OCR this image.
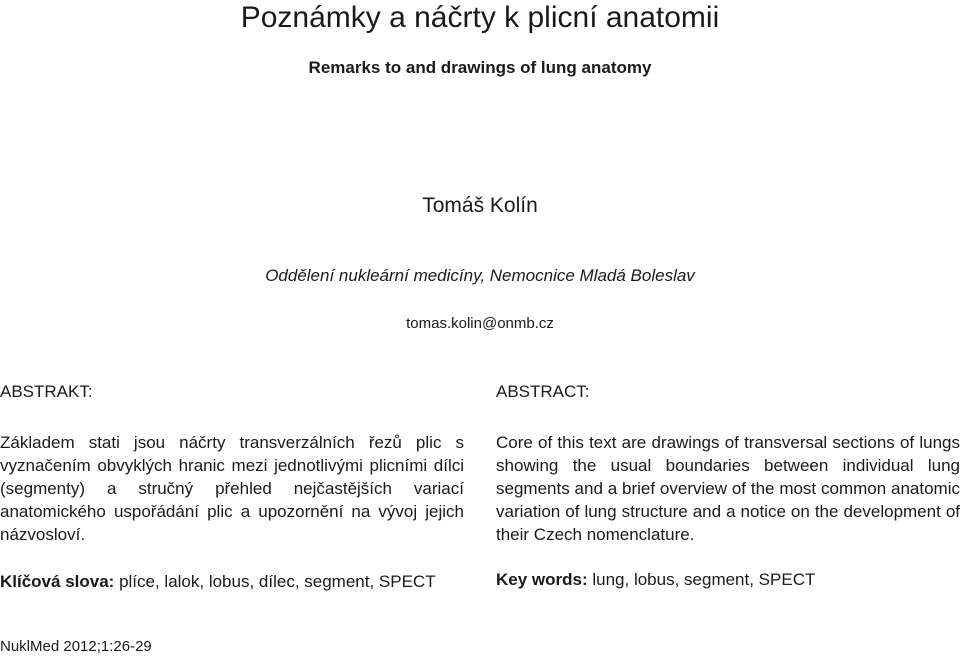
Poznámky a náčrty k plicní anatomii
Remarks to and drawings of lung anatomy
Tomáš Kolín
Oddělení nukleární medicíny, Nemocnice Mladá Boleslav
tomas.kolin@onmb.cz
ABSTRAKT:

Základem stati jsou náčrty transverzálních řezů plic s vyznačením obvyklých hranic mezi jednotlivými plicními dílci (segmenty) a stručný přehled nejčastějších variací anatomického uspořádání plic a upozornění na vývoj jejich názvosloví.

Klíčová slova: plíce, lalok, lobus, dílec, segment, SPECT
ABSTRACT:

Core of this text are drawings of transversal sections of lungs showing the usual boundaries between individual lung segments and a brief overview of the most common anatomic variation of lung structure and a notice on the development of their Czech nomenclature.

Key words: lung, lobus, segment, SPECT
NuklMed 2012;1:26-29
